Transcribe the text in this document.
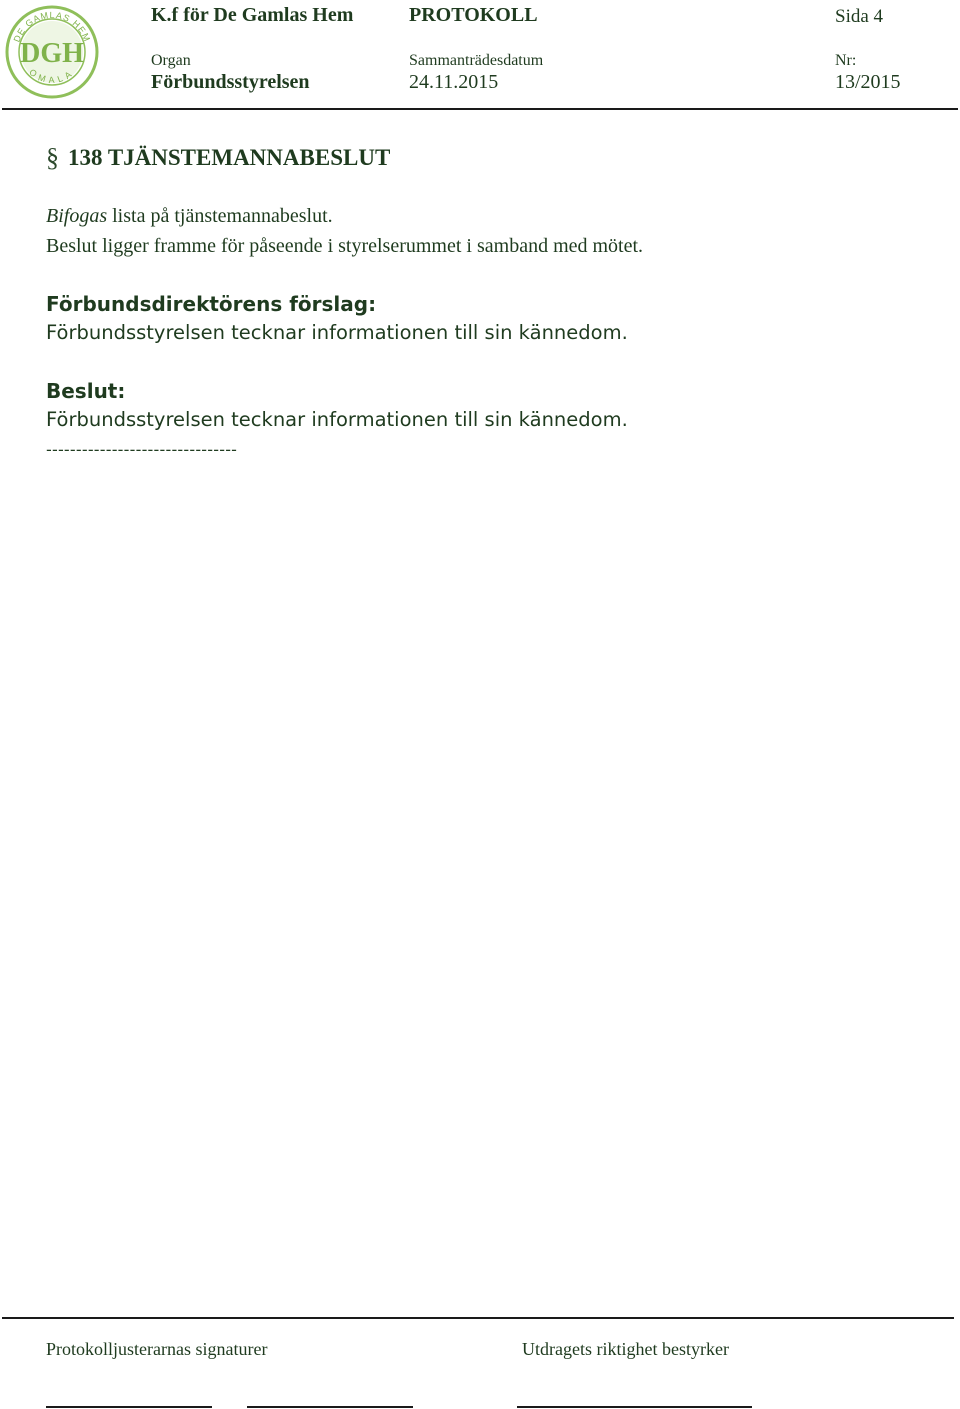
DGH
DE GAMLAS HEM
OMALA
K.f för De Gamlas Hem	PROTOKOLL	Sida 4
Organ	Sammanträdesdatum	Nr:
Förbundsstyrelsen	24.11.2015	13/2015
§ 138 TJÄNSTEMANNABESLUT
Bifogas lista på tjänstemannabeslut.
Beslut ligger framme för påseende i styrelserummet i samband med mötet.
Förbundsdirektörens förslag:
Förbundsstyrelsen tecknar informationen till sin kännedom.
Beslut:
Förbundsstyrelsen tecknar informationen till sin kännedom.
--------------------------------
Protokolljusterarnas signaturer	Utdragets riktighet bestyrker
